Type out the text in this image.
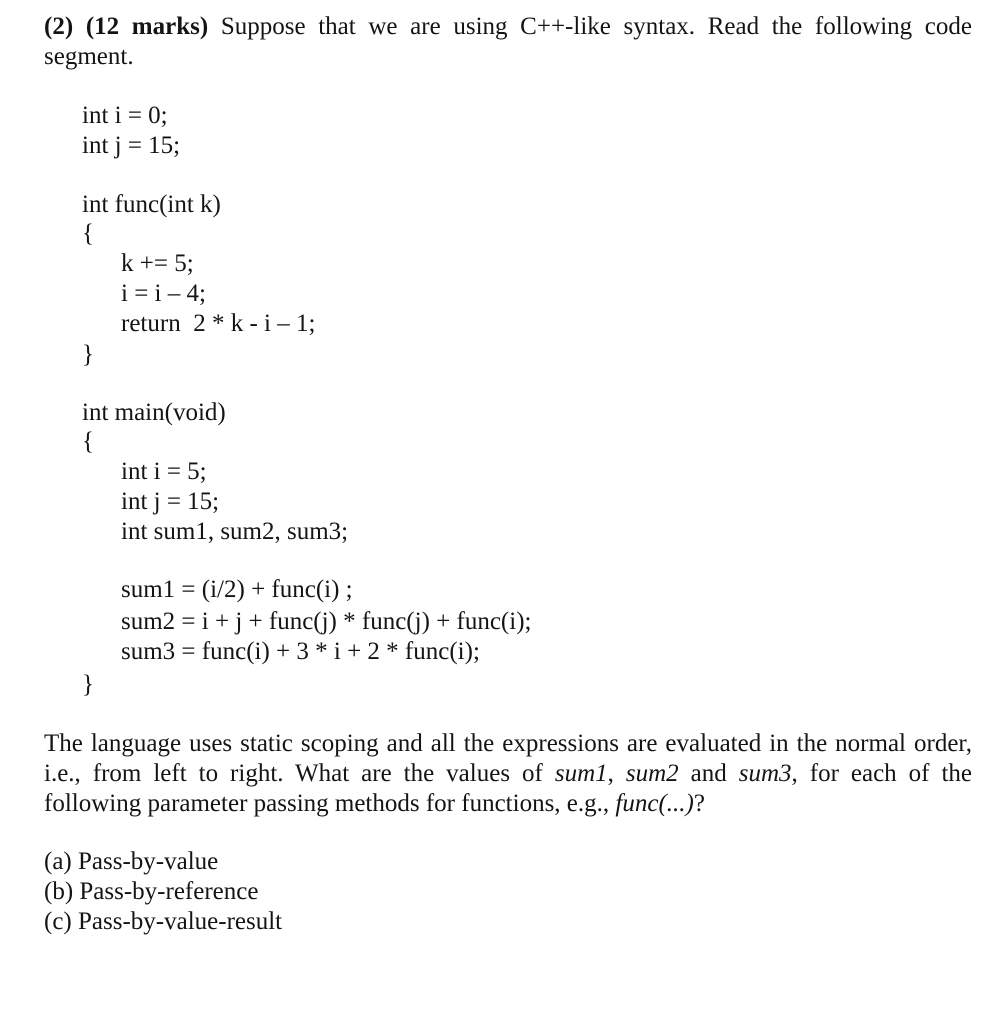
(2) (12 marks) Suppose that we are using C++-like syntax. Read the following code segment.
int i = 0;
int j = 15;
int func(int k)
{
k += 5;
i = i – 4;
return  2 * k - i – 1;
}
int main(void)
{
int i = 5;
int j = 15;
int sum1, sum2, sum3;
sum1 = (i/2) + func(i) ;
sum2 = i + j + func(j) * func(j) + func(i);
sum3 = func(i) + 3 * i + 2 * func(i);
}
The language uses static scoping and all the expressions are evaluated in the normal order, i.e., from left to right. What are the values of sum1, sum2 and sum3, for each of the following parameter passing methods for functions, e.g., func(...)?
(a) Pass-by-value
(b) Pass-by-reference
(c) Pass-by-value-result
